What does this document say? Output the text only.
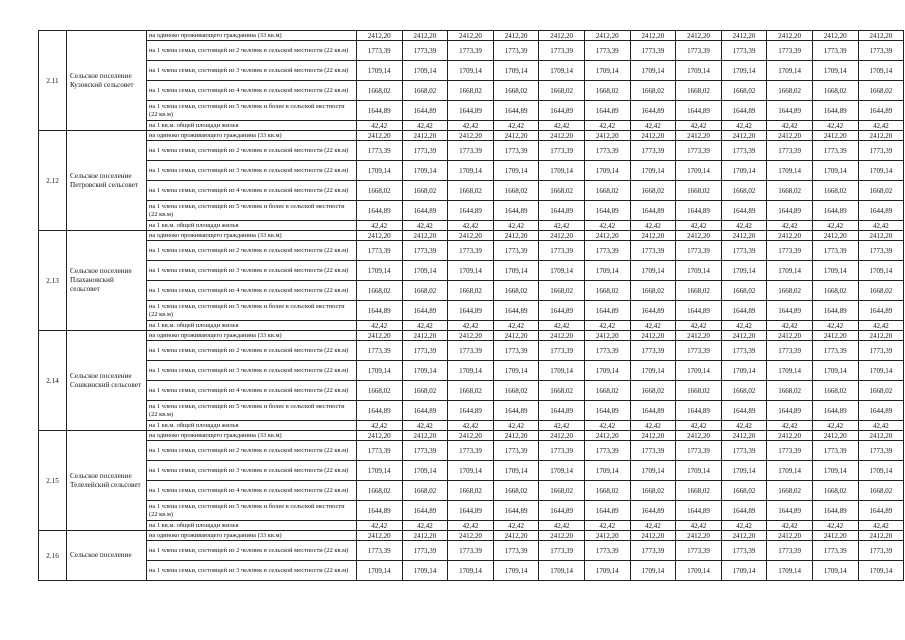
2.11	Сельское поселение Кузовский сельсовет	на одиноко проживающего гражданина (33 кв.м)	2412,20	2412,20	2412,20	2412,20	2412,20	2412,20	2412,20	2412,20	2412,20	2412,20	2412,20	2412,20
		на 1 члена семьи, состоящей из 2 человек в сельской местности (22 кв.м)	1773,39	1773,39	1773,39	1773,39	1773,39	1773,39	1773,39	1773,39	1773,39	1773,39	1773,39	1773,39
		на 1 члена семьи, состоящей из 3 человек в сельской местности (22 кв.м)	1709,14	1709,14	1709,14	1709,14	1709,14	1709,14	1709,14	1709,14	1709,14	1709,14	1709,14	1709,14
		на 1 члена семьи, состоящей из 4 человек в сельской местности (22 кв.м)	1668,02	1668,02	1668,02	1668,02	1668,02	1668,02	1668,02	1668,02	1668,02	1668,02	1668,02	1668,02
		на 1 члена семьи, состоящей из 5 человек и более в сельской местности (22 кв.м)	1644,89	1644,89	1644,89	1644,89	1644,89	1644,89	1644,89	1644,89	1644,89	1644,89	1644,89	1644,89
		на 1 кв.м. общей площади жилья	42,42	42,42	42,42	42,42	42,42	42,42	42,42	42,42	42,42	42,42	42,42	42,42
2.12	Сельское поселение Петровский сельсовет	на одиноко проживающего гражданина (33 кв.м)	2412,20	2412,20	2412,20	2412,20	2412,20	2412,20	2412,20	2412,20	2412,20	2412,20	2412,20	2412,20
		на 1 члена семьи, состоящей из 2 человек в сельской местности (22 кв.м)	1773,39	1773,39	1773,39	1773,39	1773,39	1773,39	1773,39	1773,39	1773,39	1773,39	1773,39	1773,39
		на 1 члена семьи, состоящей из 3 человек в сельской местности (22 кв.м)	1709,14	1709,14	1709,14	1709,14	1709,14	1709,14	1709,14	1709,14	1709,14	1709,14	1709,14	1709,14
		на 1 члена семьи, состоящей из 4 человек в сельской местности (22 кв.м)	1668,02	1668,02	1668,02	1668,02	1668,02	1668,02	1668,02	1668,02	1668,02	1668,02	1668,02	1668,02
		на 1 члена семьи, состоящей из 5 человек и более в сельской местности (22 кв.м)	1644,89	1644,89	1644,89	1644,89	1644,89	1644,89	1644,89	1644,89	1644,89	1644,89	1644,89	1644,89
		на 1 кв.м. общей площади жилья	42,42	42,42	42,42	42,42	42,42	42,42	42,42	42,42	42,42	42,42	42,42	42,42
2.13	Сельское поселение Плахановский сельсовет	на одиноко проживающего гражданина (33 кв.м)	2412,20	2412,20	2412,20	2412,20	2412,20	2412,20	2412,20	2412,20	2412,20	2412,20	2412,20	2412,20
		на 1 члена семьи, состоящей из 2 человек в сельской местности (22 кв.м)	1773,39	1773,39	1773,39	1773,39	1773,39	1773,39	1773,39	1773,39	1773,39	1773,39	1773,39	1773,39
		на 1 члена семьи, состоящей из 3 человек в сельской местности (22 кв.м)	1709,14	1709,14	1709,14	1709,14	1709,14	1709,14	1709,14	1709,14	1709,14	1709,14	1709,14	1709,14
		на 1 члена семьи, состоящей из 4 человек в сельской местности (22 кв.м)	1668,02	1668,02	1668,02	1668,02	1668,02	1668,02	1668,02	1668,02	1668,02	1668,02	1668,02	1668,02
		на 1 члена семьи, состоящей из 5 человек и более в сельской местности (22 кв.м)	1644,89	1644,89	1644,89	1644,89	1644,89	1644,89	1644,89	1644,89	1644,89	1644,89	1644,89	1644,89
		на 1 кв.м. общей площади жилья	42,42	42,42	42,42	42,42	42,42	42,42	42,42	42,42	42,42	42,42	42,42	42,42
2.14	Сельское поселение Сошкинский сельсовет	на одиноко проживающего гражданина (33 кв.м)	2412,20	2412,20	2412,20	2412,20	2412,20	2412,20	2412,20	2412,20	2412,20	2412,20	2412,20	2412,20
		на 1 члена семьи, состоящей из 2 человек в сельской местности (22 кв.м)	1773,39	1773,39	1773,39	1773,39	1773,39	1773,39	1773,39	1773,39	1773,39	1773,39	1773,39	1773,39
		на 1 члена семьи, состоящей из 3 человек в сельской местности (22 кв.м)	1709,14	1709,14	1709,14	1709,14	1709,14	1709,14	1709,14	1709,14	1709,14	1709,14	1709,14	1709,14
		на 1 члена семьи, состоящей из 4 человек в сельской местности (22 кв.м)	1668,02	1668,02	1668,02	1668,02	1668,02	1668,02	1668,02	1668,02	1668,02	1668,02	1668,02	1668,02
		на 1 члена семьи, состоящей из 5 человек и более в сельской местности (22 кв.м)	1644,89	1644,89	1644,89	1644,89	1644,89	1644,89	1644,89	1644,89	1644,89	1644,89	1644,89	1644,89
		на 1 кв.м. общей площади жилья	42,42	42,42	42,42	42,42	42,42	42,42	42,42	42,42	42,42	42,42	42,42	42,42
2.15	Сельское поселение Телелейский сельсовет	на одиноко проживающего гражданина (33 кв.м)	2412,20	2412,20	2412,20	2412,20	2412,20	2412,20	2412,20	2412,20	2412,20	2412,20	2412,20	2412,20
		на 1 члена семьи, состоящей из 2 человек в сельской местности (22 кв.м)	1773,39	1773,39	1773,39	1773,39	1773,39	1773,39	1773,39	1773,39	1773,39	1773,39	1773,39	1773,39
		на 1 члена семьи, состоящей из 3 человек в сельской местности (22 кв.м)	1709,14	1709,14	1709,14	1709,14	1709,14	1709,14	1709,14	1709,14	1709,14	1709,14	1709,14	1709,14
		на 1 члена семьи, состоящей из 4 человек в сельской местности (22 кв.м)	1668,02	1668,02	1668,02	1668,02	1668,02	1668,02	1668,02	1668,02	1668,02	1668,02	1668,02	1668,02
		на 1 члена семьи, состоящей из 5 человек и более в сельской местности (22 кв.м)	1644,89	1644,89	1644,89	1644,89	1644,89	1644,89	1644,89	1644,89	1644,89	1644,89	1644,89	1644,89
		на 1 кв.м. общей площади жилья	42,42	42,42	42,42	42,42	42,42	42,42	42,42	42,42	42,42	42,42	42,42	42,42
2.16	Сельское поселение	на одиноко проживающего гражданина (33 кв.м)	2412,20	2412,20	2412,20	2412,20	2412,20	2412,20	2412,20	2412,20	2412,20	2412,20	2412,20	2412,20
		на 1 члена семьи, состоящей из 2 человек в сельской местности (22 кв.м)	1773,39	1773,39	1773,39	1773,39	1773,39	1773,39	1773,39	1773,39	1773,39	1773,39	1773,39	1773,39
		на 1 члена семьи, состоящей из 3 человек в сельской местности (22 кв.м)	1709,14	1709,14	1709,14	1709,14	1709,14	1709,14	1709,14	1709,14	1709,14	1709,14	1709,14	1709,14
